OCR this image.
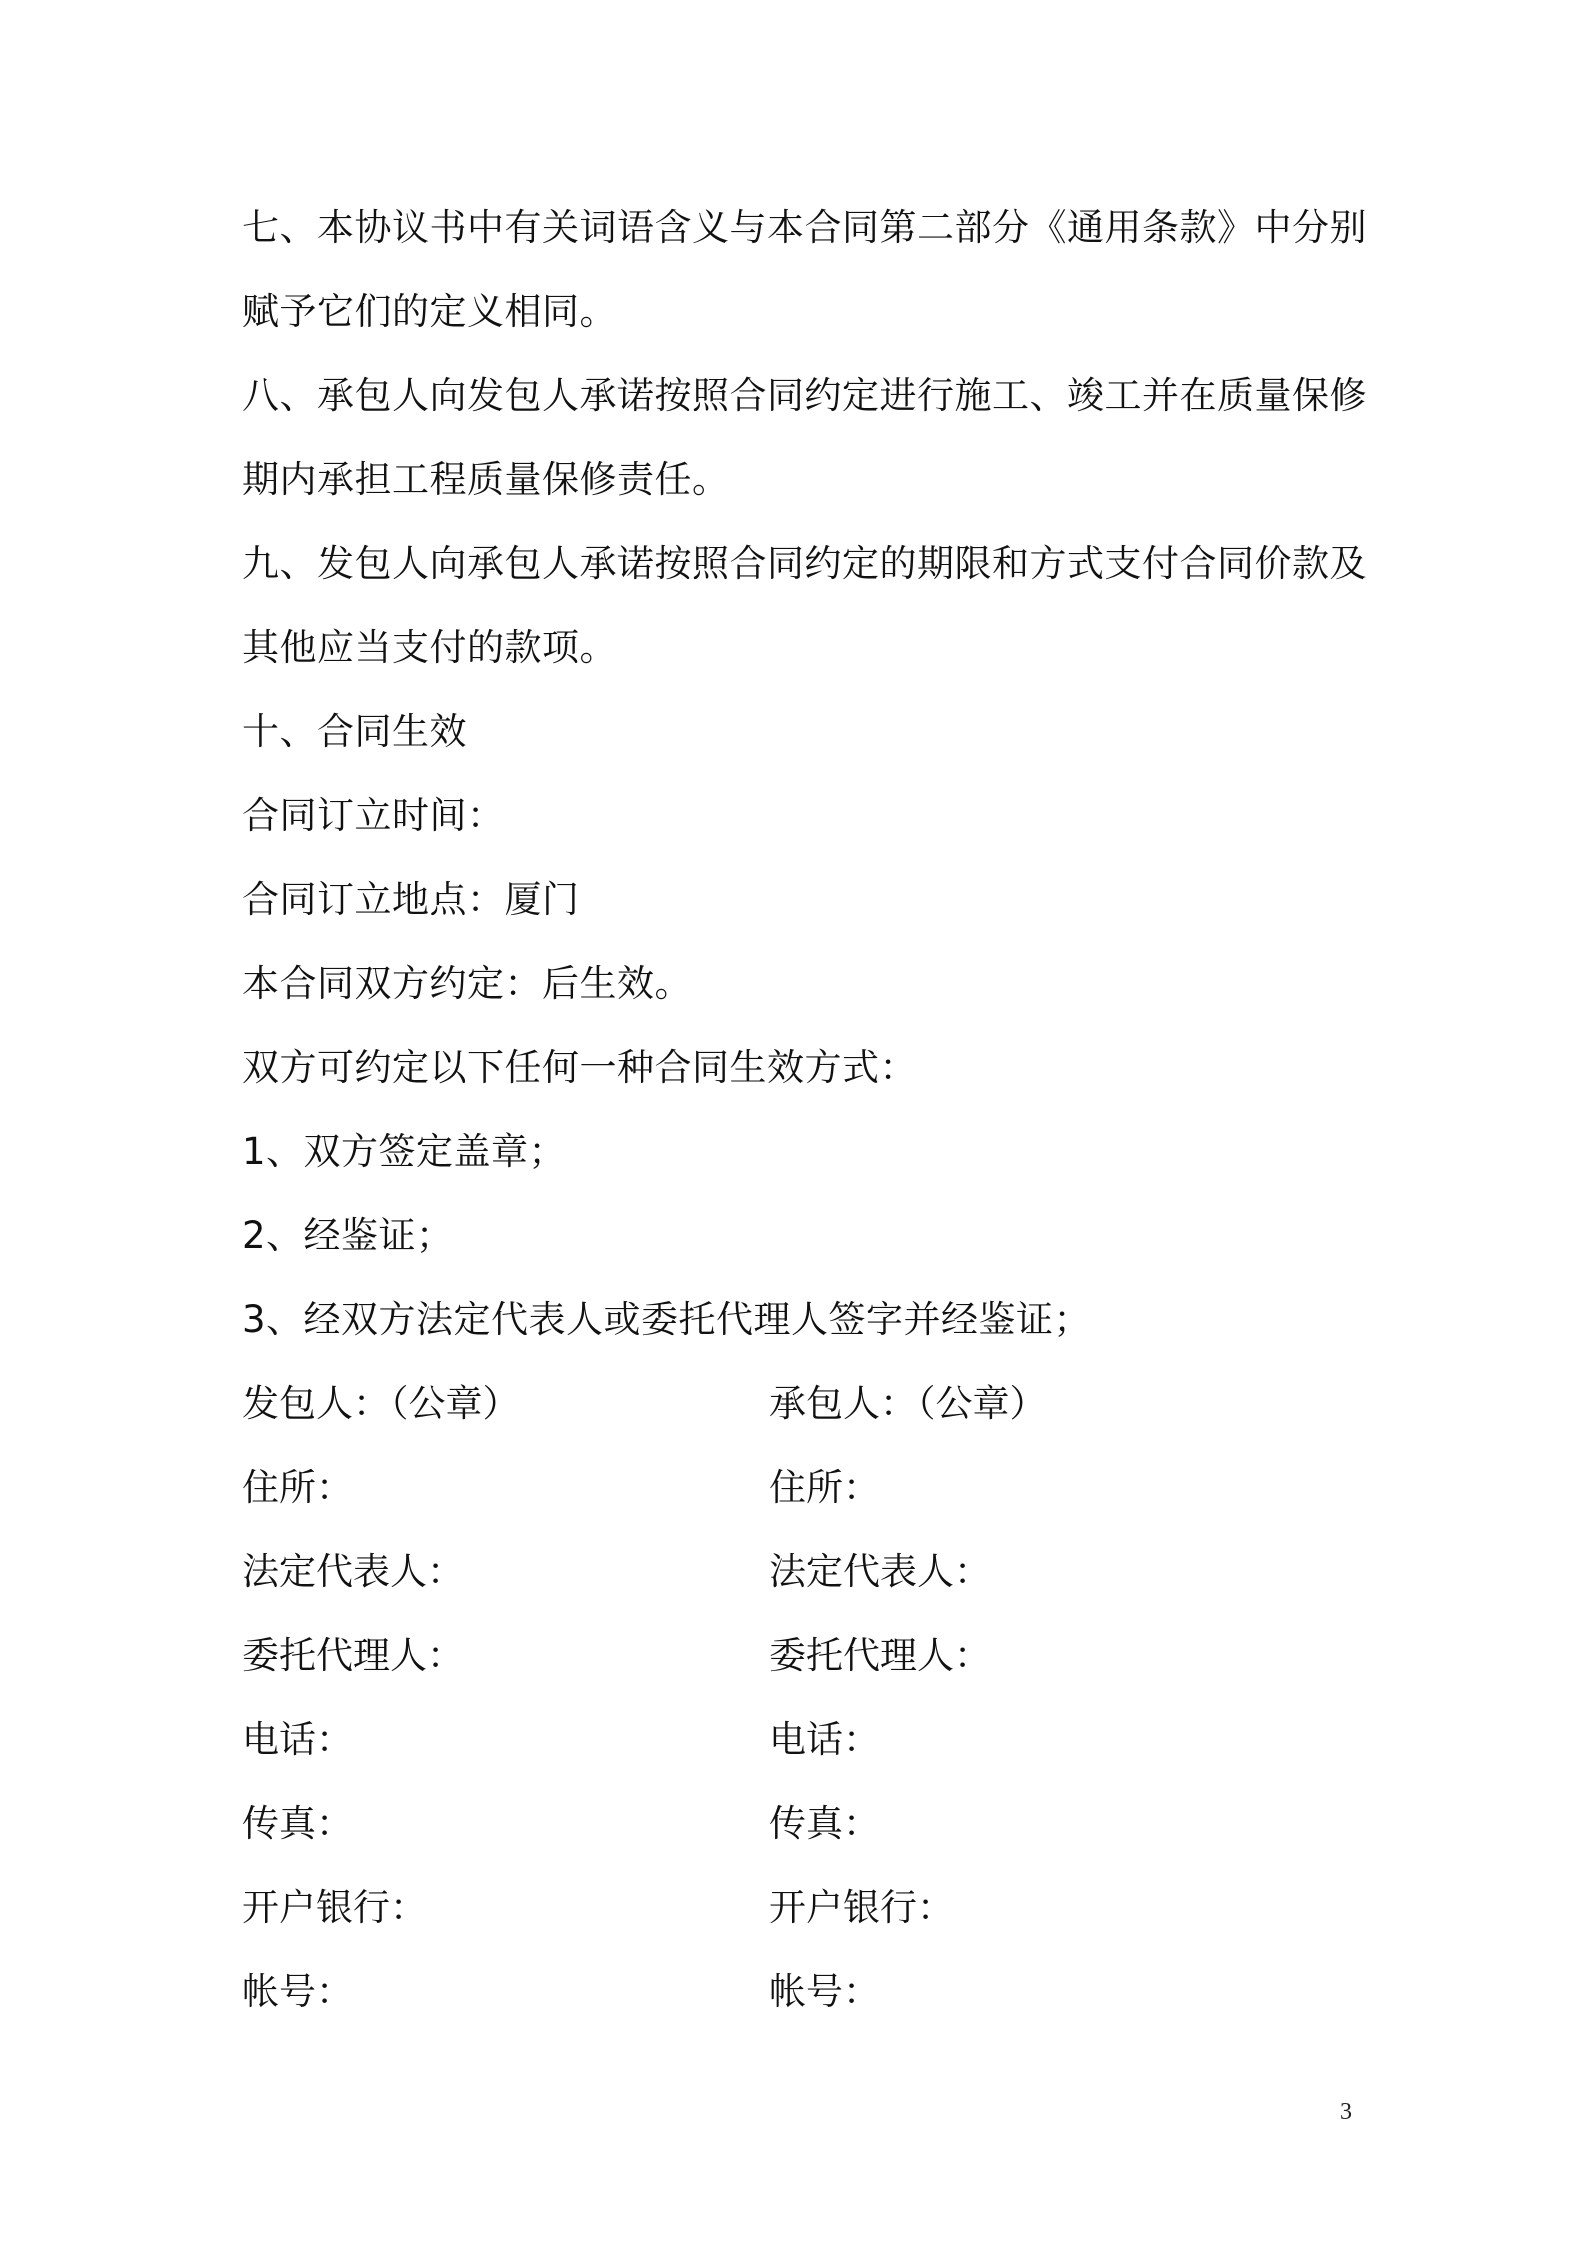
七、本协议书中有关词语含义与本合同第二部分《通用条款》中分别
赋予它们的定义相同。
八、承包人向发包人承诺按照合同约定进行施工、竣工并在质量保修
期内承担工程质量保修责任。
九、发包人向承包人承诺按照合同约定的期限和方式支付合同价款及
其他应当支付的款项。
十、合同生效
合同订立时间：
合同订立地点：厦门
本合同双方约定：后生效。
双方可约定以下任何一种合同生效方式：
1、双方签定盖章；
2、经鉴证；
3、经双方法定代表人或委托代理人签字并经鉴证；
发包人：（公章）
住所：
法定代表人：
委托代理人：
电话：
传真：
开户银行：
帐号：
承包人：（公章）
住所：
法定代表人：
委托代理人：
电话：
传真：
开户银行：
帐号：
3
